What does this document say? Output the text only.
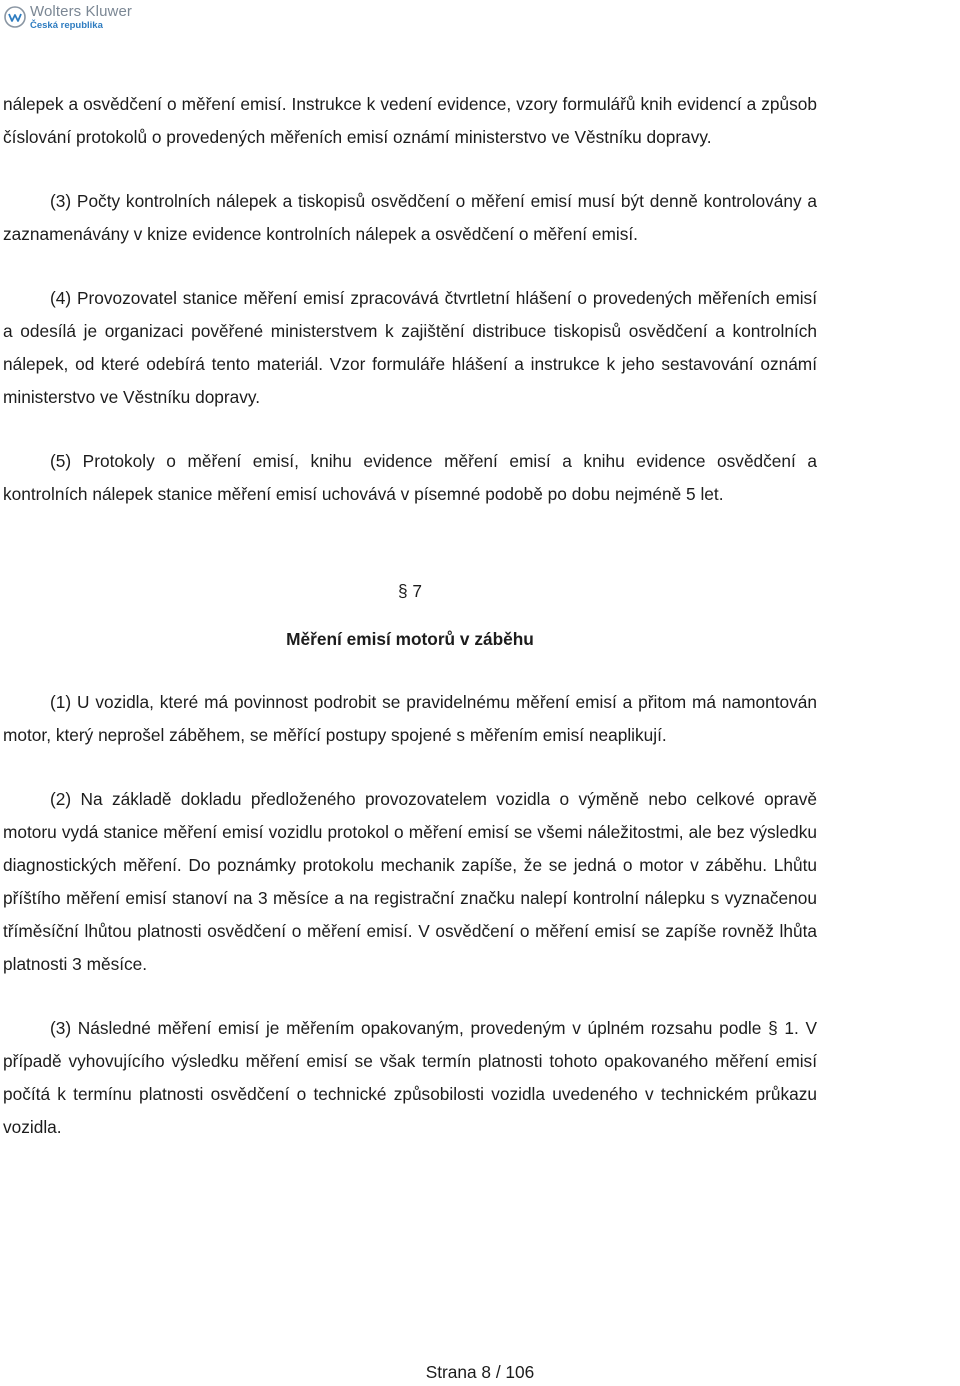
Wolters Kluwer
Česká republika

nálepek a osvědčení o měření emisí. Instrukce k vedení evidence, vzory formulářů knih evidencí a způsob číslování protokolů o provedených měřeních emisí oznámí ministerstvo ve Věstníku dopravy.

(3) Počty kontrolních nálepek a tiskopisů osvědčení o měření emisí musí být denně kontrolovány a zaznamenávány v knize evidence kontrolních nálepek a osvědčení o měření emisí.

(4) Provozovatel stanice měření emisí zpracovává čtvrtletní hlášení o provedených měřeních emisí a odesílá je organizaci pověřené ministerstvem k zajištění distribuce tiskopisů osvědčení a kontrolních nálepek, od které odebírá tento materiál. Vzor formuláře hlášení a instrukce k jeho sestavování oznámí ministerstvo ve Věstníku dopravy.

(5) Protokoly o měření emisí, knihu evidence měření emisí a knihu evidence osvědčení a kontrolních nálepek stanice měření emisí uchovává v písemné podobě po dobu nejméně 5 let.

§ 7

Měření emisí motorů v záběhu

(1) U vozidla, které má povinnost podrobit se pravidelnému měření emisí a přitom má namontován motor, který neprošel záběhem, se měřící postupy spojené s měřením emisí neaplikují.

(2) Na základě dokladu předloženého provozovatelem vozidla o výměně nebo celkové opravě motoru vydá stanice měření emisí vozidlu protokol o měření emisí se všemi náležitostmi, ale bez výsledku diagnostických měření. Do poznámky protokolu mechanik zapíše, že se jedná o motor v záběhu. Lhůtu příštího měření emisí stanoví na 3 měsíce a na registrační značku nalepí kontrolní nálepku s vyznačenou tříměsíční lhůtou platnosti osvědčení o měření emisí. V osvědčení o měření emisí se zapíše rovněž lhůta platnosti 3 měsíce.

(3) Následné měření emisí je měřením opakovaným, provedeným v úplném rozsahu podle § 1. V případě vyhovujícího výsledku měření emisí se však termín platnosti tohoto opakovaného měření emisí počítá k termínu platnosti osvědčení o technické způsobilosti vozidla uvedeného v technickém průkazu vozidla.

Strana 8 / 106
